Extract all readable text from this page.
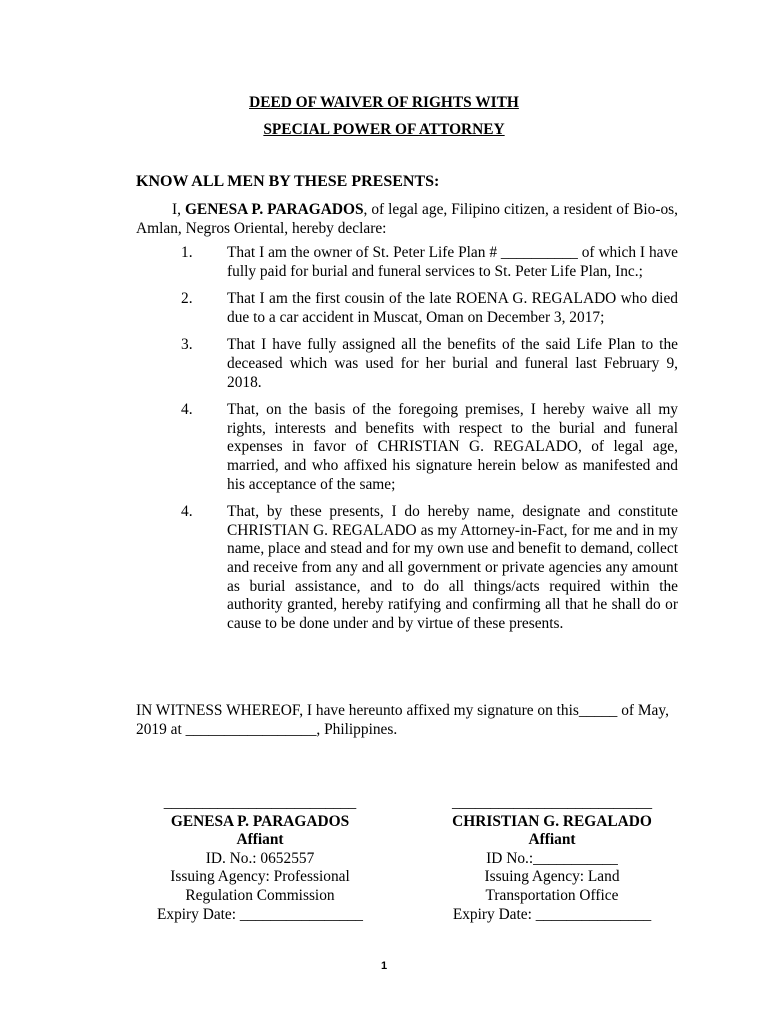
DEED OF WAIVER OF RIGHTS WITH
SPECIAL POWER OF ATTORNEY
KNOW ALL MEN BY THESE PRESENTS:
I, GENESA P. PARAGADOS, of legal age, Filipino citizen, a resident of Bio-os, Amlan, Negros Oriental, hereby declare:
1. That I am the owner of St. Peter Life Plan # __________ of which I have fully paid for burial and funeral services to St. Peter Life Plan, Inc.;
2. That I am the first cousin of the late ROENA G. REGALADO who died due to a car accident in Muscat, Oman on December 3, 2017;
3. That I have fully assigned all the benefits of the said Life Plan to the deceased which was used for her burial and funeral last February 9, 2018.
4. That, on the basis of the foregoing premises, I hereby waive all my rights, interests and benefits with respect to the burial and funeral expenses in favor of CHRISTIAN G. REGALADO, of legal age, married, and who affixed his signature herein below as manifested and his acceptance of the same;
4. That, by these presents, I do hereby name, designate and constitute CHRISTIAN G. REGALADO as my Attorney-in-Fact, for me and in my name, place and stead and for my own use and benefit to demand, collect and receive from any and all government or private agencies any amount as burial assistance, and to do all things/acts required within the authority granted, hereby ratifying and confirming all that he shall do or cause to be done under and by virtue of these presents.
IN WITNESS WHEREOF, I have hereunto affixed my signature on this_____ of May, 2019 at _________________, Philippines.
_________________________
GENESA P. PARAGADOS
Affiant
ID. No.: 0652557
Issuing Agency: Professional
Regulation Commission
Expiry Date: ________________
__________________________
CHRISTIAN G. REGALADO
Affiant
ID No.:___________
Issuing Agency: Land
Transportation Office
Expiry Date: _______________
1
